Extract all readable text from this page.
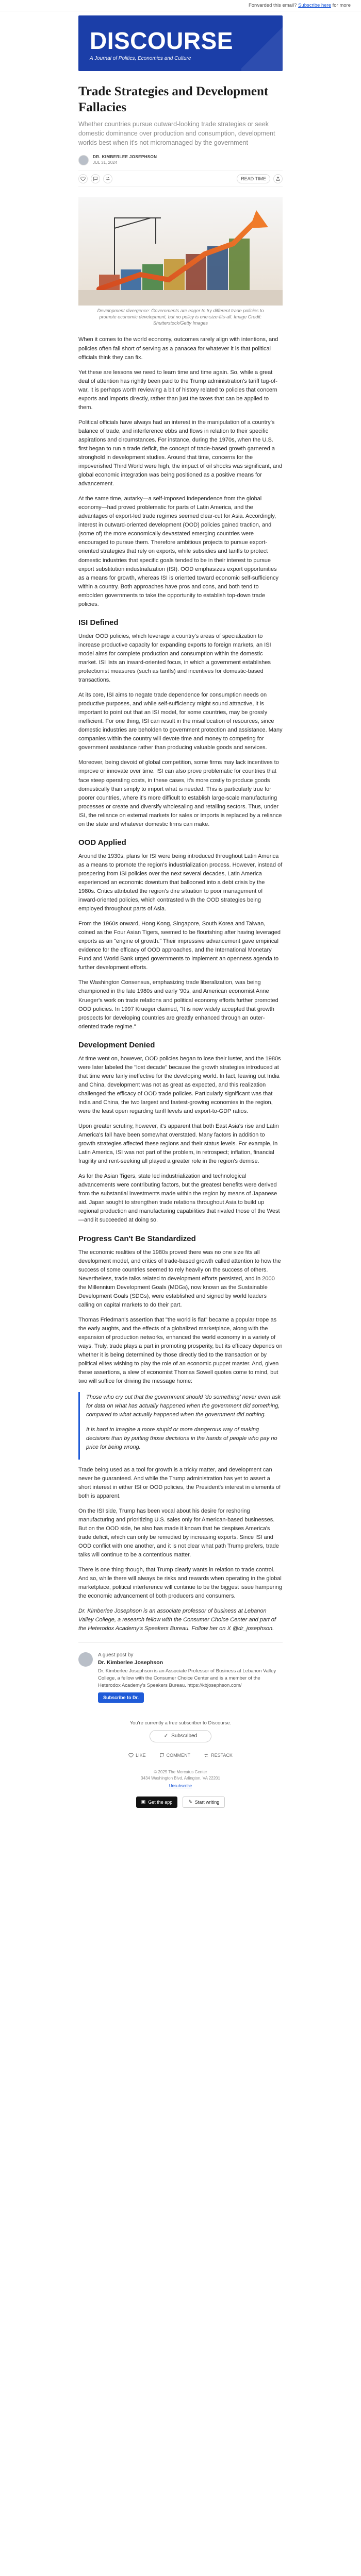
Forwarded this email? Subscribe here for more
DISCOURSE
A Journal of Politics, Economics and Culture
Trade Strategies and Development Fallacies

Whether countries pursue outward-looking trade strategies or seek domestic dominance over production and consumption, development worlds best when it's not micromanaged by the government

DR. KIMBERLEE JOSEPHSON
JUL 31, 2024
READ TIME

Development divergence: Governments are eager to try different trade policies to promote economic development, but no policy is one-size-fits-all. Image Credit: Shutterstock/Getty Images

When it comes to the world economy, outcomes rarely align with intentions, and policies often fall short of serving as a panacea for whatever it is that political officials think they can fix.

Yet these are lessons we need to learn time and time again. So, while a great deal of attention has rightly been paid to the Trump administration's tariff tug-of-war, it is perhaps worth reviewing a bit of history related to policies that concern exports and imports directly, rather than just the taxes that can be applied to them.

Political officials have always had an interest in the manipulation of a country's balance of trade, and interference ebbs and flows in relation to their specific aspirations and circumstances. For instance, during the 1970s, when the U.S. first began to run a trade deficit, the concept of trade-based growth garnered a stronghold in development studies. Around that time, concerns for the impoverished Third World were high, the impact of oil shocks was significant, and global economic integration was being positioned as a positive means for advancement.

At the same time, autarky—a self-imposed independence from the global economy—had proved problematic for parts of Latin America, and the advantages of export-led trade regimes seemed clear-cut for Asia. Accordingly, interest in outward-oriented development (OOD) policies gained traction, and (some of) the more economically devastated emerging countries were encouraged to pursue them. Therefore ambitious projects to pursue export-oriented strategies that rely on exports, while subsidies and tariffs to protect domestic industries that specific goals tended to be in their interest to pursue export substitution industrialization (ISI). OOD emphasizes export opportunities as a means for growth, whereas ISI is oriented toward economic self-sufficiency within a country. Both approaches have pros and cons, and both tend to embolden governments to take the opportunity to establish top-down trade policies.

ISI Defined

Under OOD policies, which leverage a country's areas of specialization to increase productive capacity for expanding exports to foreign markets, an ISI model aims for complete production and consumption within the domestic market. ISI lists an inward-oriented focus, in which a government establishes protectionist measures (such as tariffs) and incentives for domestic-based transactions.

At its core, ISI aims to negate trade dependence for consumption needs on productive purposes, and while self-sufficiency might sound attractive, it is important to point out that an ISI model, for some countries, may be grossly inefficient. For one thing, ISI can result in the misallocation of resources, since domestic industries are beholden to government protection and assistance. Many companies within the country will devote time and money to competing for government assistance rather than producing valuable goods and services.

Moreover, being devoid of global competition, some firms may lack incentives to improve or innovate over time. ISI can also prove problematic for countries that face steep operating costs, in these cases, it's more costly to produce goods domestically than simply to import what is needed. This is particularly true for poorer countries, where it's more difficult to establish large-scale manufacturing processes or create and diversify wholesaling and retailing sectors. Thus, under ISI, the reliance on external markets for sales or imports is replaced by a reliance on the state and whatever domestic firms can make.

OOD Applied

Around the 1930s, plans for ISI were being introduced throughout Latin America as a means to promote the region's industrialization process. However, instead of prospering from ISI policies over the next several decades, Latin America experienced an economic downturn that ballooned into a debt crisis by the 1980s. Critics attributed the region's dire situation to poor management of inward-oriented policies, which contrasted with the OOD strategies being employed throughout parts of Asia.

From the 1960s onward, Hong Kong, Singapore, South Korea and Taiwan, coined as the Four Asian Tigers, seemed to be flourishing after having leveraged exports as an "engine of growth." Their impressive advancement gave empirical evidence for the efficacy of OOD approaches, and the International Monetary Fund and World Bank urged governments to implement an openness agenda to further development efforts.

The Washington Consensus, emphasizing trade liberalization, was being championed in the late 1980s and early '90s, and American economist Anne Krueger's work on trade relations and political economy efforts further promoted OOD policies. In 1997 Krueger claimed, "It is now widely accepted that growth prospects for developing countries are greatly enhanced through an outer-oriented trade regime."

Development Denied

At time went on, however, OOD policies began to lose their luster, and the 1980s were later labeled the "lost decade" because the growth strategies introduced at that time were fairly ineffective for the developing world. In fact, leaving out India and China, development was not as great as expected, and this realization challenged the efficacy of OOD trade policies. Particularly significant was that India and China, the two largest and fastest-growing economies in the region, were the least open regarding tariff levels and export-to-GDP ratios.

Upon greater scrutiny, however, it's apparent that both East Asia's rise and Latin America's fall have been somewhat overstated. Many factors in addition to growth strategies affected these regions and their status levels. For example, in Latin America, ISI was not part of the problem, in retrospect; inflation, financial fragility and rent-seeking all played a greater role in the region's demise.

As for the Asian Tigers, state led industrialization and technological advancements were contributing factors, but the greatest benefits were derived from the substantial investments made within the region by means of Japanese aid. Japan sought to strengthen trade relations throughout Asia to build up regional production and manufacturing capabilities that rivaled those of the West—and it succeeded at doing so.

Progress Can't Be Standardized

The economic realities of the 1980s proved there was no one size fits all development model, and critics of trade-based growth called attention to how the success of some countries seemed to rely heavily on the success of others. Nevertheless, trade talks related to development efforts persisted, and in 2000 the Millennium Development Goals (MDGs), now known as the Sustainable Development Goals (SDGs), were established and signed by world leaders calling on capital markets to do their part.

Thomas Friedman's assertion that "the world is flat" became a popular trope as the early aughts, and the effects of a globalized marketplace, along with the expansion of production networks, enhanced the world economy in a variety of ways. Truly, trade plays a part in promoting prosperity, but its efficacy depends on whether it is being determined by those directly tied to the transaction or by political elites wishing to play the role of an economic puppet master. And, given these assertions, a slew of economist Thomas Sowell quotes come to mind, but two will suffice for driving the message home:

Those who cry out that the government should 'do something' never even ask for data on what has actually happened when the government did something, compared to what actually happened when the government did nothing.

It is hard to imagine a more stupid or more dangerous way of making decisions than by putting those decisions in the hands of people who pay no price for being wrong.

Trade being used as a tool for growth is a tricky matter, and development can never be guaranteed. And while the Trump administration has yet to assert a short interest in either ISI or OOD policies, the President's interest in elements of both is apparent.

On the ISI side, Trump has been vocal about his desire for reshoring manufacturing and prioritizing U.S. sales only for American-based businesses. But on the OOD side, he also has made it known that he despises America's trade deficit, which can only be remedied by increasing exports. Since ISI and OOD conflict with one another, and it is not clear what path Trump prefers, trade talks will continue to be a contentious matter.

There is one thing though, that Trump clearly wants in relation to trade control. And so, while there will always be risks and rewards when operating in the global marketplace, political interference will continue to be the biggest issue hampering the economic advancement of both producers and consumers.

Dr. Kimberlee Josephson is an associate professor of business at Lebanon Valley College, a research fellow with the Consumer Choice Center and part of the Heterodox Academy's Speakers Bureau. Follow her on X @dr_josephson.

A guest post by
Dr. Kimberlee Josephson
Dr. Kimberlee Josephson is an Associate Professor of Business at Lebanon Valley College, a fellow with the Consumer Choice Center and is a member of the Heterodox Academy's Speakers Bureau. https://kbjosephson.com/
Subscribe to Dr.
You're currently a free subscriber to Discourse.
✓ Subscribed
LIKE	COMMENT	RESTACK
© 2025 The Mercatus Center
3434 Washington Blvd, Arlington, VA 22201
Unsubscribe
▣ Get the app	✎ Start writing
